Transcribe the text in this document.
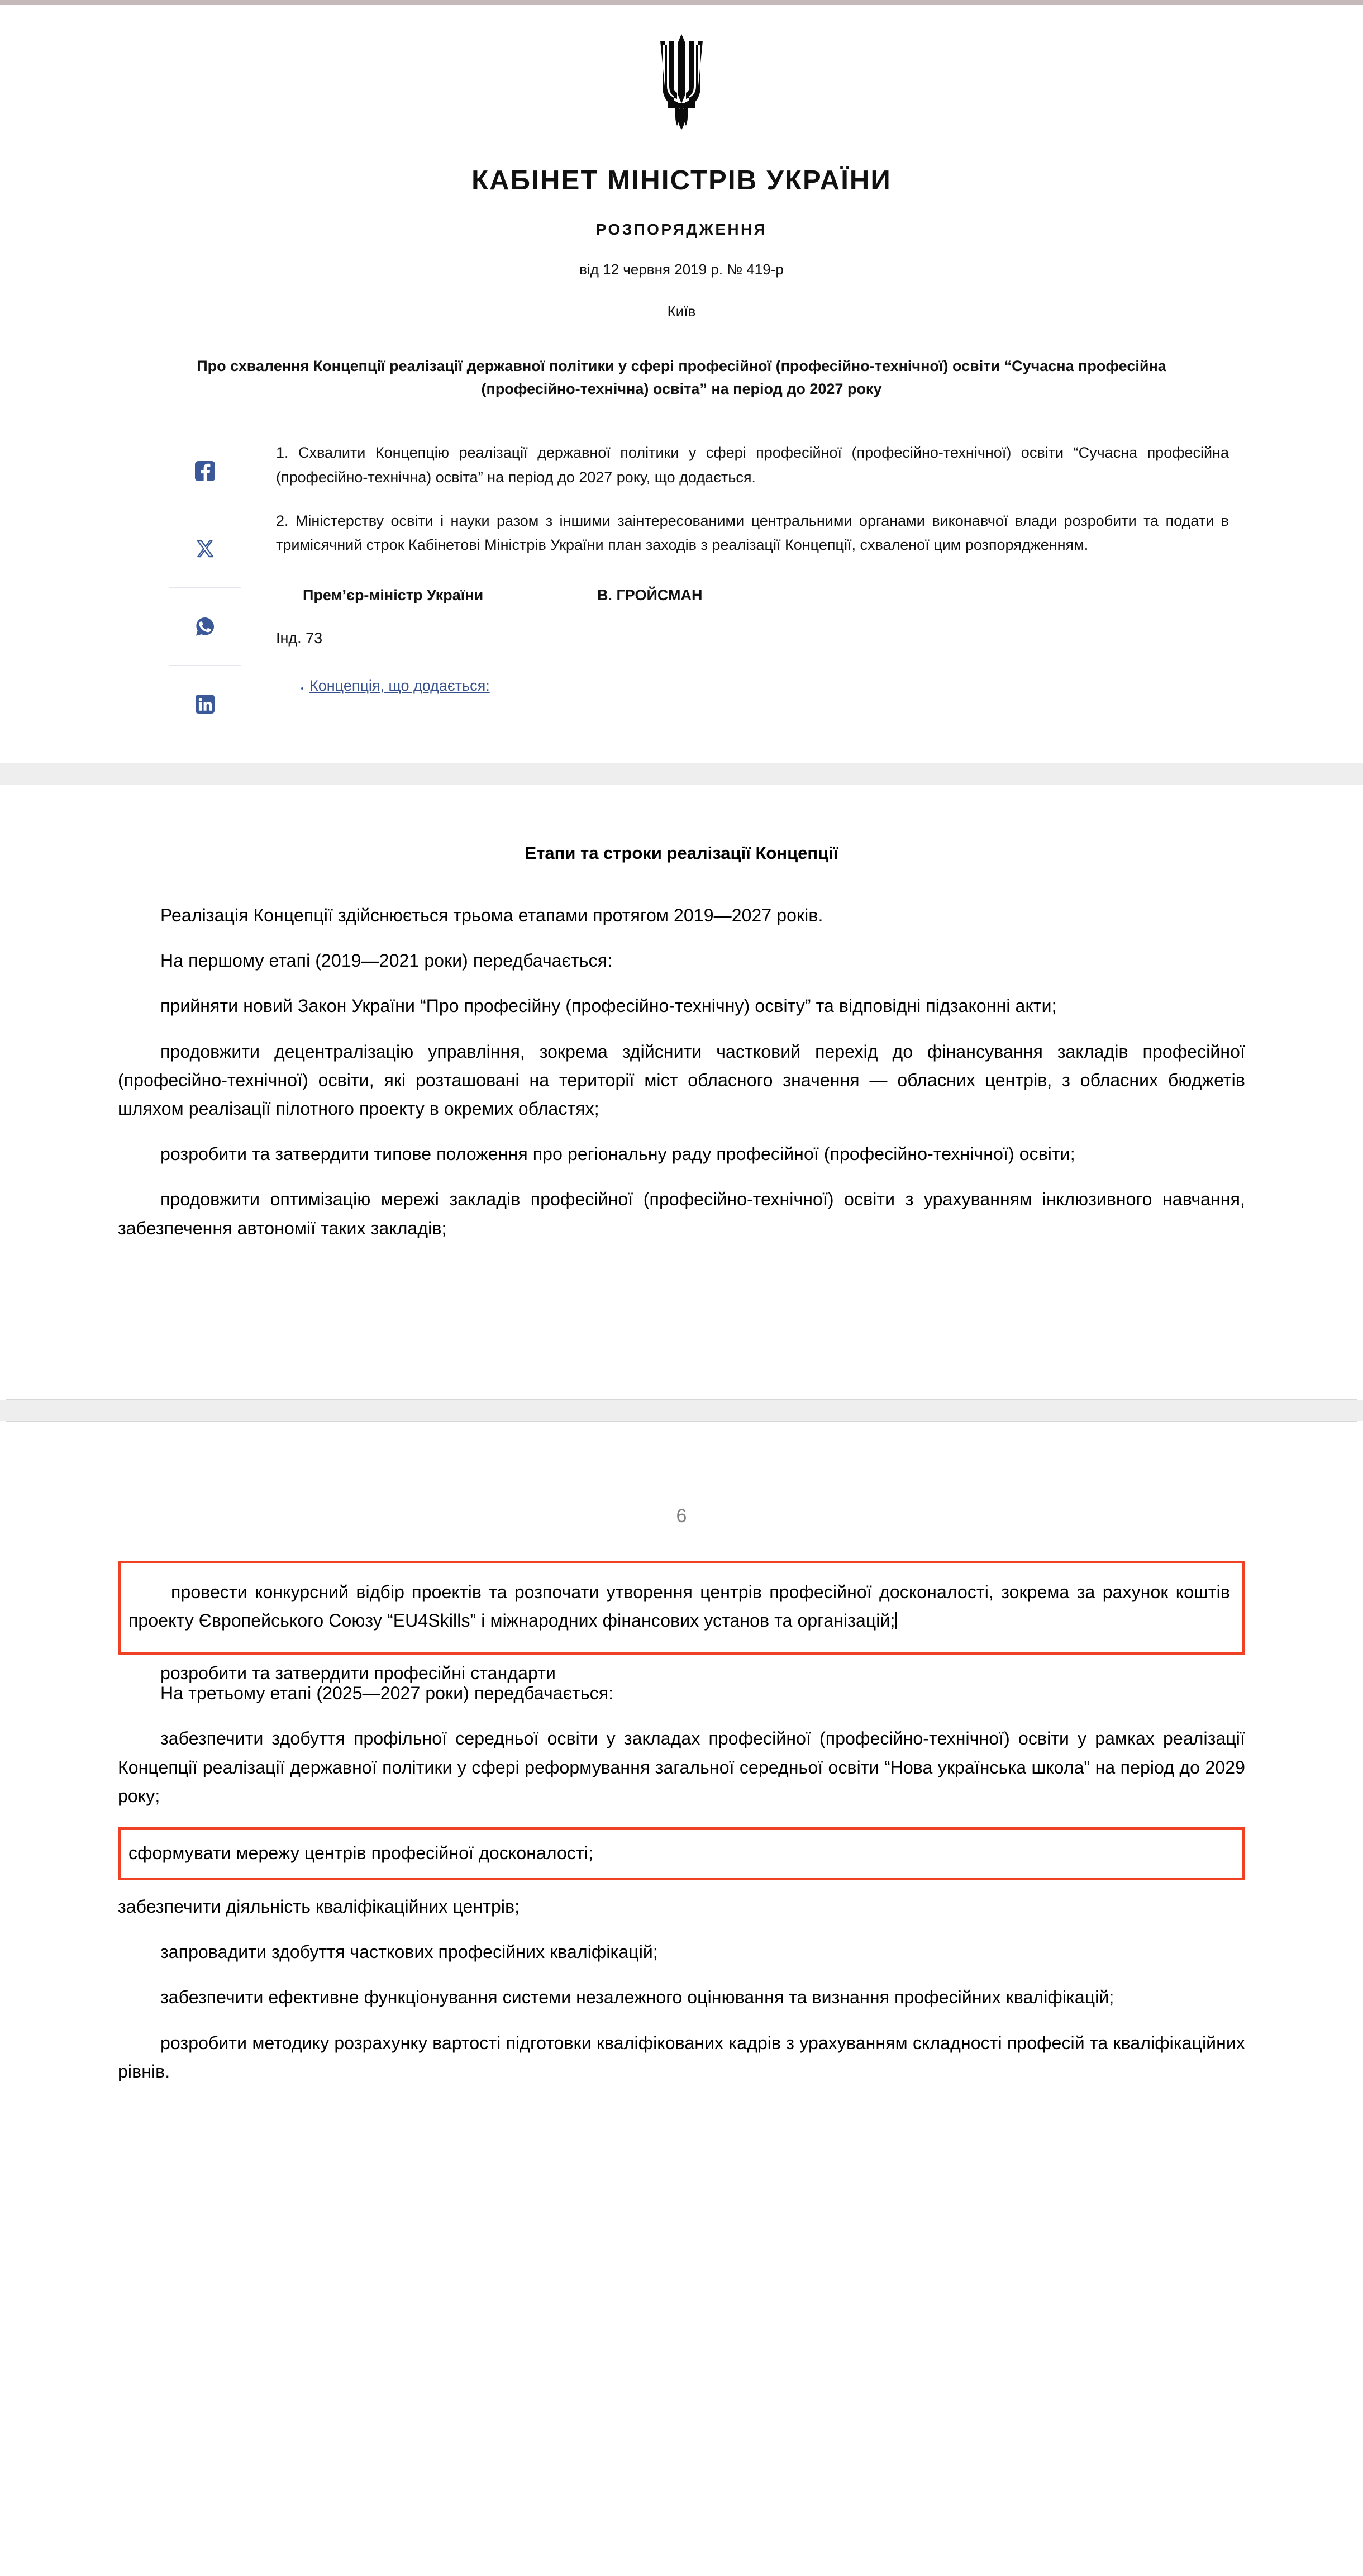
КАБІНЕТ МІНІСТРІВ УКРАЇНИ
РОЗПОРЯДЖЕННЯ
від 12 червня 2019 р. № 419-р
Київ
Про схвалення Концепції реалізації державної політики у сфері професійної (професійно-технічної) освіти “Сучасна професійна (професійно-технічна) освіта” на період до 2027 року

1. Схвалити Концепцію реалізації державної політики у сфері професійної (професійно-технічної) освіти “Сучасна професійна (професійно-технічна) освіта” на період до 2027 року, що додається.

2. Міністерству освіти і науки разом з іншими заінтересованими центральними органами виконавчої влади розробити та подати в тримісячний строк Кабінетові Міністрів України план заходів з реалізації Концепції, схваленої цим розпорядженням.

Прем’єр-міністр України	В. ГРОЙСМАН
Інд. 73
• Концепція, що додається:
Етапи та строки реалізації Концепції

Реалізація Концепції здійснюється трьома етапами протягом 2019—2027 років.

На першому етапі (2019—2021 роки) передбачається:

прийняти новий Закон України “Про професійну (професійно-технічну) освіту” та відповідні підзаконні акти;

продовжити децентралізацію управління, зокрема здійснити частковий перехід до фінансування закладів професійної (професійно-технічної) освіти, які розташовані на території міст обласного значення — обласних центрів, з обласних бюджетів шляхом реалізації пілотного проекту в окремих областях;

розробити та затвердити типове положення про регіональну раду професійної (професійно-технічної) освіти;

продовжити оптимізацію мережі закладів професійної (професійно-технічної) освіти з урахуванням інклюзивного навчання, забезпечення автономії таких закладів;

6

провести конкурсний відбір проектів та розпочати утворення центрів професійної досконалості, зокрема за рахунок коштів проекту Європейського Союзу “EU4Skills” і міжнародних фінансових установ та організацій;

розробити та затвердити професійні стандарти

На третьому етапі (2025—2027 роки) передбачається:

забезпечити здобуття профільної середньої освіти у закладах професійної (професійно-технічної) освіти у рамках реалізації Концепції реалізації державної політики у сфері реформування загальної середньої освіти “Нова українська школа” на період до 2029 року;

сформувати мережу центрів професійної досконалості;

забезпечити діяльність кваліфікаційних центрів;

запровадити здобуття часткових професійних кваліфікацій;

забезпечити ефективне функціонування системи незалежного оцінювання та визнання професійних кваліфікацій;

розробити методику розрахунку вартості підготовки кваліфікованих кадрів з урахуванням складності професій та кваліфікаційних рівнів.
